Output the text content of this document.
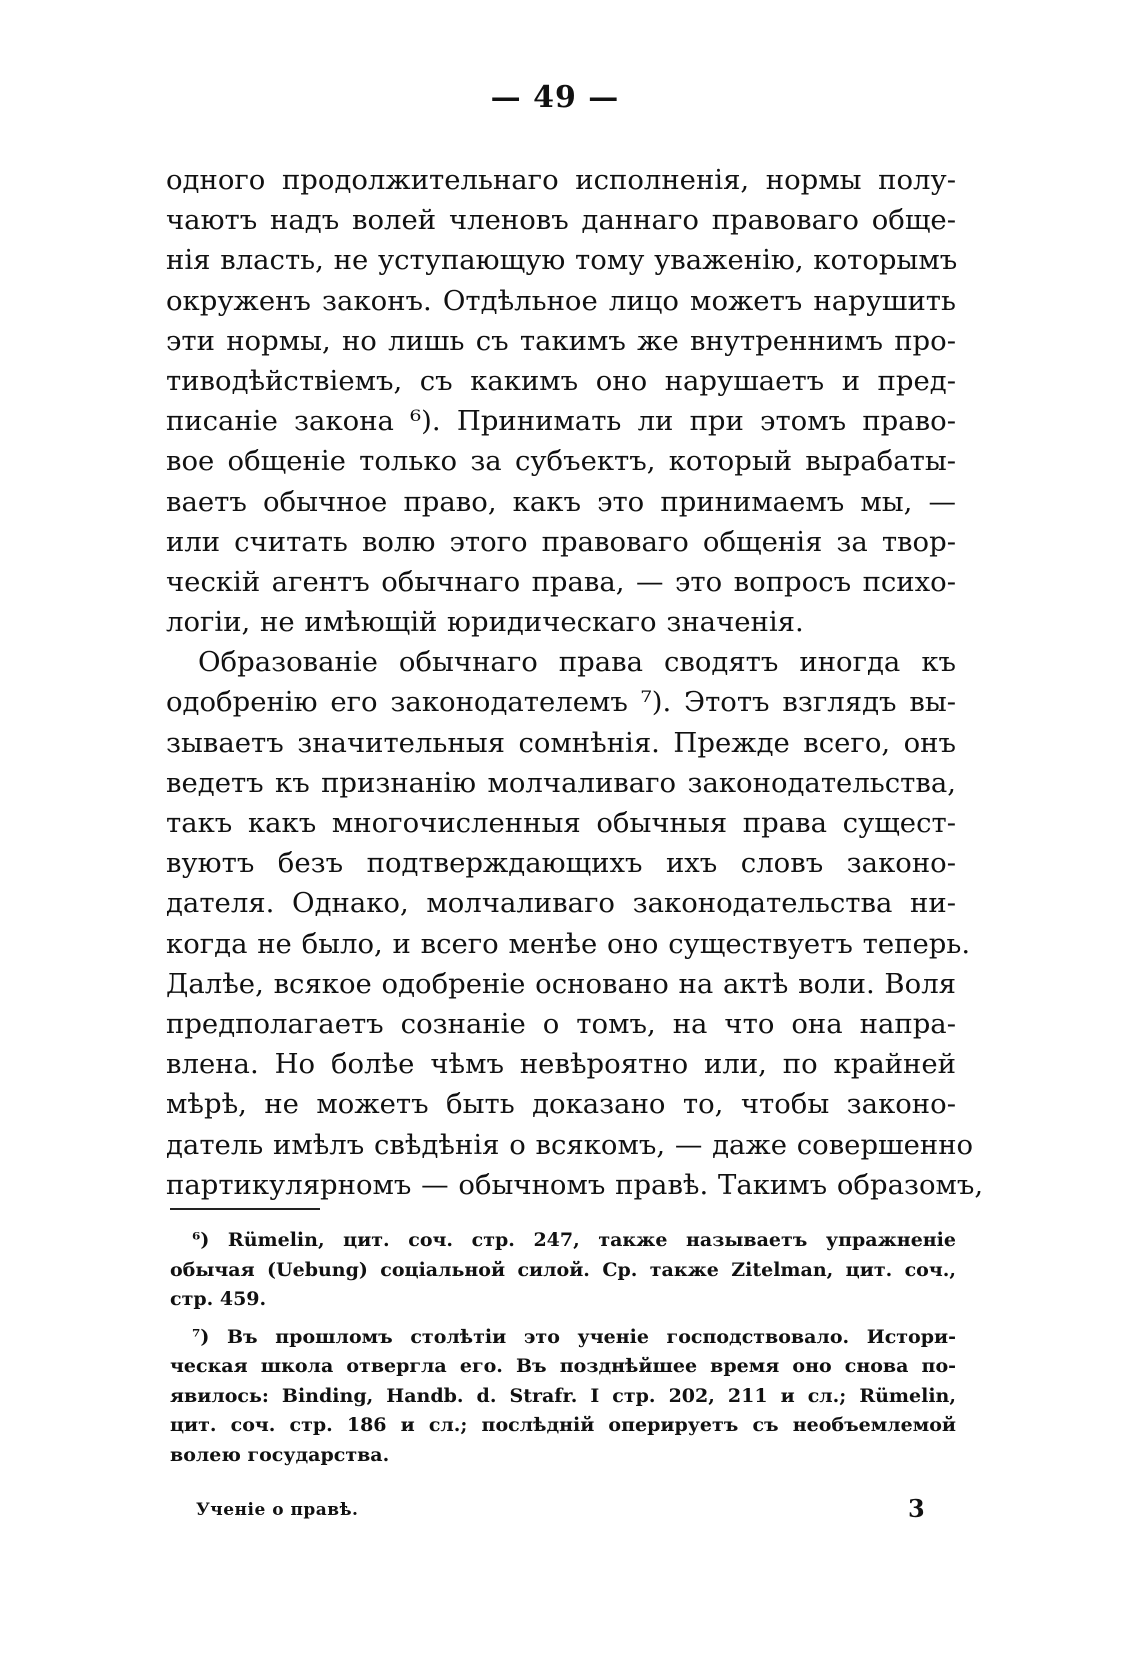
— 49 —
одного продолжительнаго исполненія, нормы полу-
чаютъ надъ волей членовъ даннаго правоваго обще-
нія власть, не уступающую тому уваженію, которымъ
окруженъ законъ. Отдѣльное лицо можетъ нарушить
эти нормы, но лишь съ такимъ же внутреннимъ про-
тиводѣйствіемъ, съ какимъ оно нарушаетъ и пред-
писаніе закона ⁶). Принимать ли при этомъ право-
вое общеніе только за субъектъ, который вырабаты-
ваетъ обычное право, какъ это принимаемъ мы, —
или считать волю этого правоваго общенія за твор-
ческій агентъ обычнаго права, — это вопросъ психо-
логіи, не имѣющій юридическаго значенія.
Образованіе обычнаго права сводятъ иногда къ
одобренію его законодателемъ ⁷). Этотъ взглядъ вы-
зываетъ значительныя сомнѣнія. Прежде всего, онъ
ведетъ къ признанію молчаливаго законодательства,
такъ какъ многочисленныя обычныя права сущест-
вуютъ безъ подтверждающихъ ихъ словъ законо-
дателя. Однако, молчаливаго законодательства ни-
когда не было, и всего менѣе оно существуетъ теперь.
Далѣе, всякое одобреніе основано на актѣ воли. Воля
предполагаетъ сознаніе о томъ, на что она напра-
влена. Но болѣе чѣмъ невѣроятно или, по крайней
мѣрѣ, не можетъ быть доказано то, чтобы законо-
датель имѣлъ свѣдѣнія о всякомъ, — даже совершенно
партикулярномъ — обычномъ правѣ. Такимъ образомъ,
⁶) Rümelin, цит. соч. стр. 247, также называетъ упражненіе
обычая (Uebung) соціальной силой. Ср. также Zitelman, цит. соч.,
стр. 459.
⁷) Въ прошломъ столѣтіи это ученіе господствовало. Истори-
ческая школа отвергла его. Въ позднѣйшее время оно снова по-
явилось: Binding, Handb. d. Strafr. I стр. 202, 211 и сл.; Rümelin,
цит. соч. стр. 186 и сл.; послѣдній оперируетъ съ необъемлемой
волею государства.
Ученіе о правѣ.	3
